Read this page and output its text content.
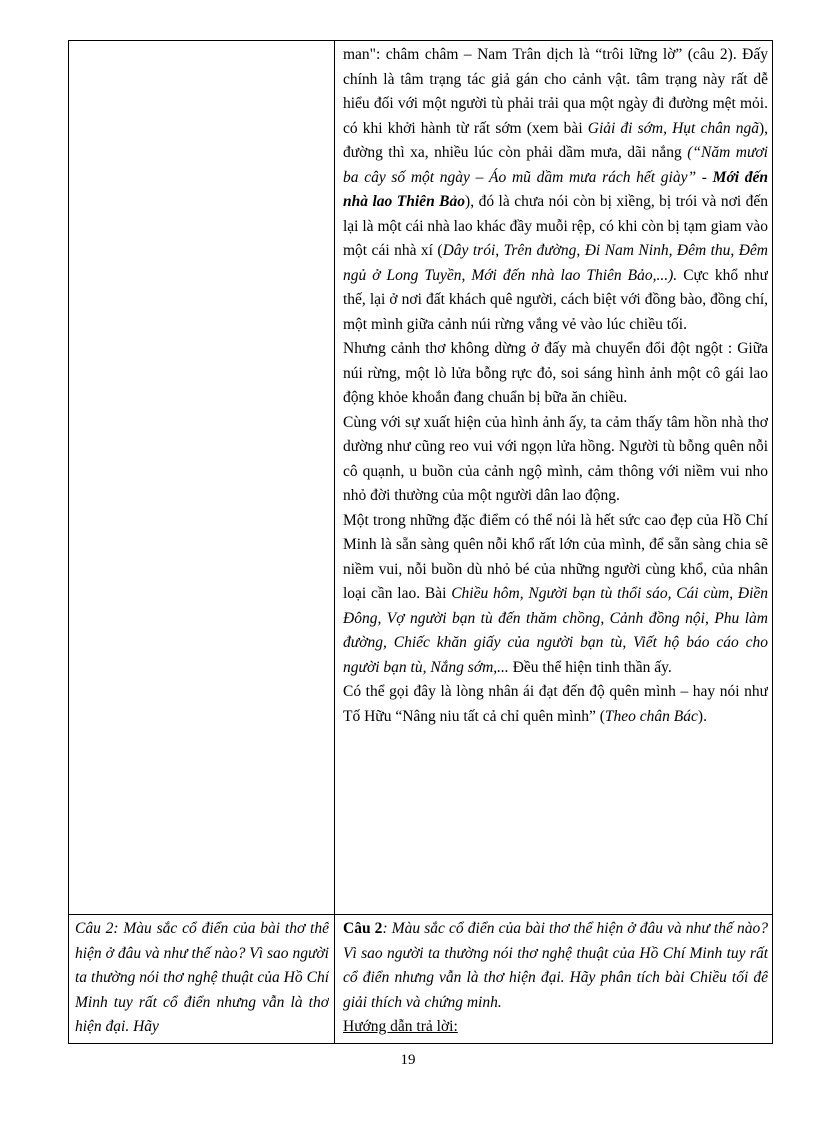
man": châm châm – Nam Trân dịch là “trôi lững lờ” (câu 2). Đấy chính là tâm trạng tác giả gán cho cảnh vật. tâm trạng này rất dễ hiểu đối với một người tù phải trải qua một ngày đi đường mệt mỏi. có khi khởi hành từ rất sớm (xem bài Giải đi sớm, Hụt chân ngã), đường thì xa, nhiều lúc còn phải dầm mưa, dãi nắng (“Năm mươi ba cây số một ngày – Áo mũ dầm mưa rách hết giày” - Mới đến nhà lao Thiên Bảo), đó là chưa nói còn bị xiềng, bị trói và nơi đến lại là một cái nhà lao khác đầy muỗi rệp, có khi còn bị tạm giam vào một cái nhà xí (Dây trói, Trên đường, Đi Nam Ninh, Đêm thu, Đêm ngủ ở Long Tuyền, Mới đến nhà lao Thiên Bảo,...). Cực khổ như thế, lại ở nơi đất khách quê người, cách biệt với đồng bào, đồng chí, một mình giữa cảnh núi rừng vắng vẻ vào lúc chiều tối.

Nhưng cảnh thơ không dừng ở đấy mà chuyển đổi đột ngột : Giữa núi rừng, một lò lửa bỗng rực đỏ, soi sáng hình ảnh một cô gái lao động khỏe khoắn đang chuẩn bị bữa ăn chiều.

Cùng với sự xuất hiện của hình ảnh ấy, ta cảm thấy tâm hồn nhà thơ dường như cũng reo vui với ngọn lửa hồng. Người tù bỗng quên nỗi cô quạnh, u buồn của cảnh ngộ mình, cảm thông với niềm vui nho nhỏ đời thường của một người dân lao động.

Một trong những đặc điểm có thể nói là hết sức cao đẹp của Hồ Chí Minh là sẵn sàng quên nỗi khổ rất lớn của mình, để sẵn sàng chia sẽ niềm vui, nỗi buồn dù nhỏ bé của những người cùng khổ, của nhân loại cần lao. Bài Chiều hôm, Người bạn tù thổi sáo, Cái cùm, Điền Đông, Vợ người bạn tù đến thăm chồng, Cảnh đồng nội, Phu làm đường, Chiếc khăn giấy của người bạn tù, Viết hộ báo cáo cho người bạn tù, Nắng sớm,... Đều thể hiện tinh thần ấy.

Có thể gọi đây là lòng nhân ái đạt đến độ quên mình – hay nói như Tố Hữu “Nâng niu tất cả chỉ quên mình” (Theo chân Bác).

Câu 2: Màu sắc cổ điển của bài thơ thể hiện ở đâu và như thế nào? Vì sao người ta thường nói thơ nghệ thuật của Hồ Chí Minh tuy rất cổ điển nhưng vẫn là thơ hiện đại. Hãy

Câu 2: Màu sắc cổ điển của bài thơ thể hiện ở đâu và như thế nào? Vì sao người ta thường nói thơ nghệ thuật của Hồ Chí Minh tuy rất cổ điển nhưng vẫn là thơ hiện đại. Hãy phân tích bài Chiều tối để giải thích và chứng minh.

Hướng dẫn trả lời:

19
